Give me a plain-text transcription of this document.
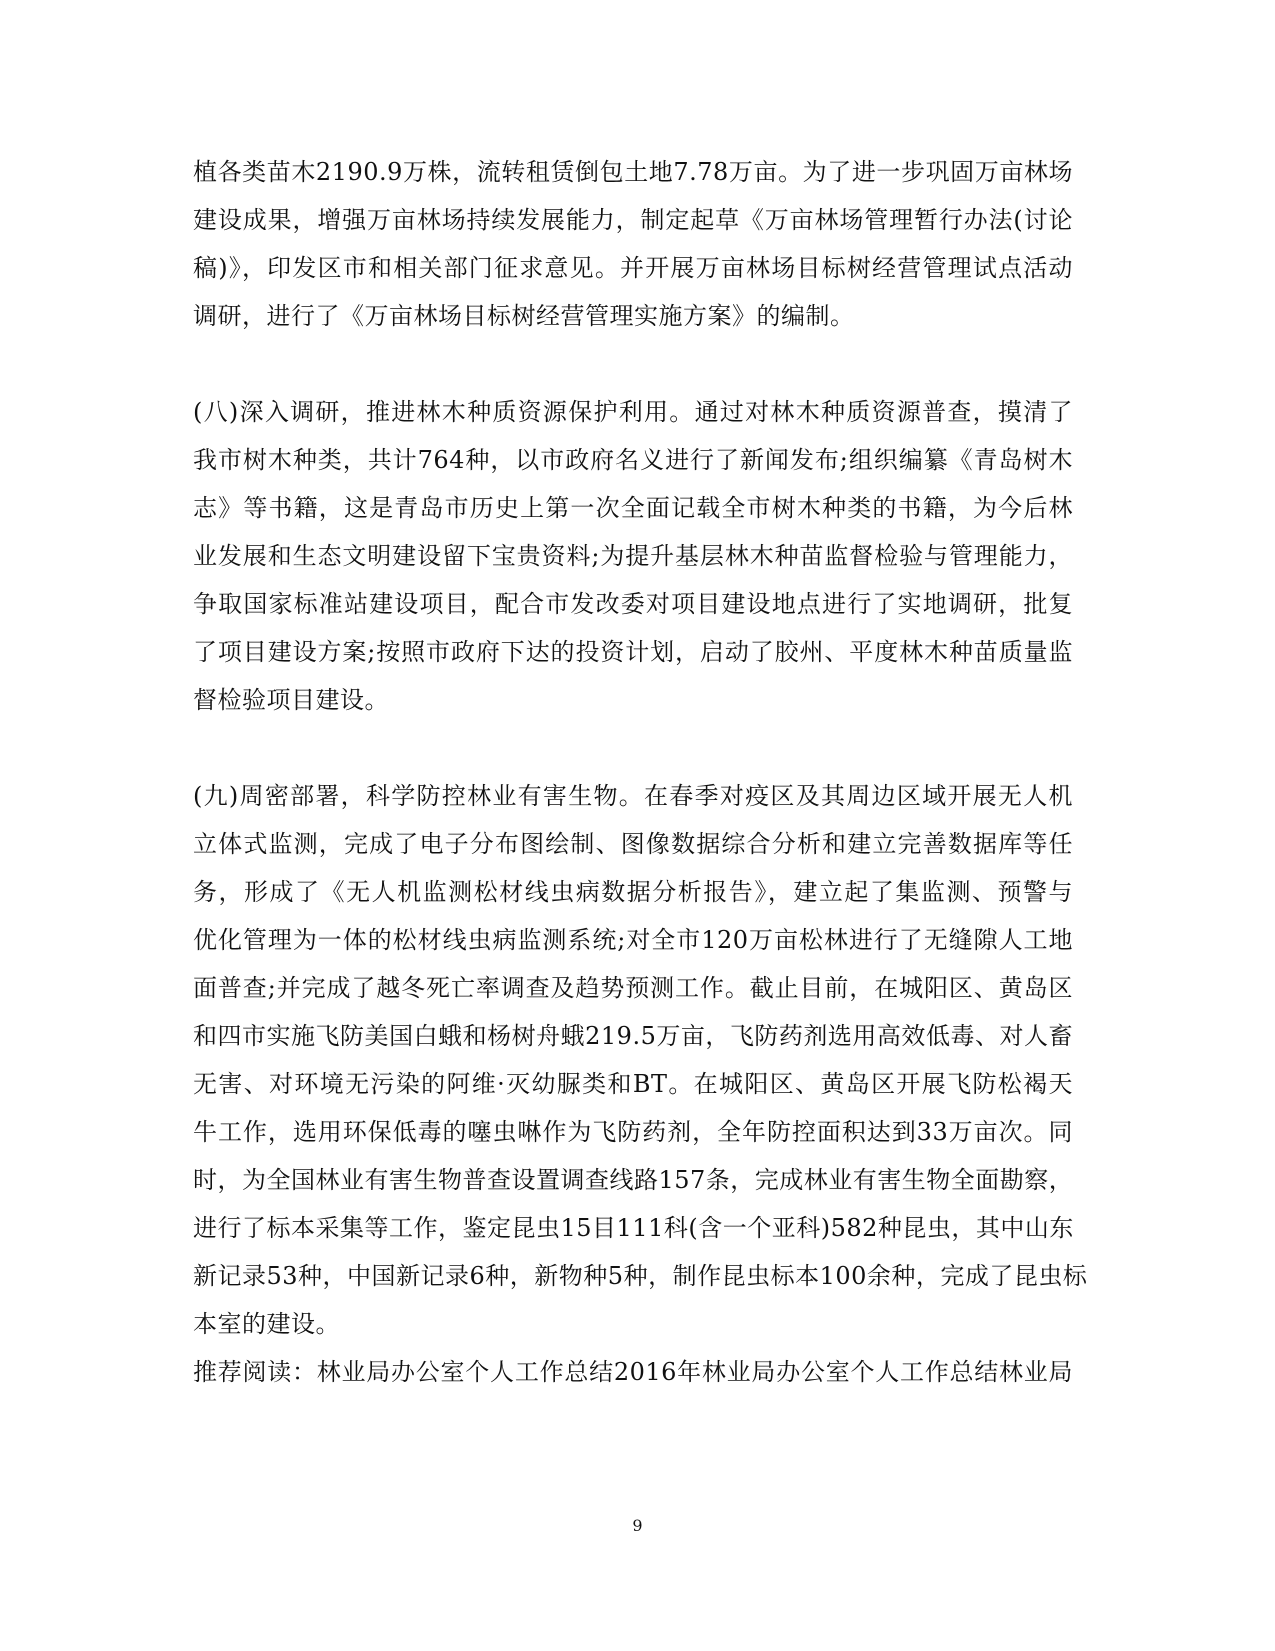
植各类苗木2190.9万株，流转租赁倒包土地7.78万亩。为了进一步巩固万亩林场
建设成果，增强万亩林场持续发展能力，制定起草《万亩林场管理暂行办法(讨论
稿)》，印发区市和相关部门征求意见。并开展万亩林场目标树经营管理试点活动
调研，进行了《万亩林场目标树经营管理实施方案》的编制。
(八)深入调研，推进林木种质资源保护利用。通过对林木种质资源普查，摸清了
我市树木种类，共计764种，以市政府名义进行了新闻发布;组织编纂《青岛树木
志》等书籍，这是青岛市历史上第一次全面记载全市树木种类的书籍，为今后林
业发展和生态文明建设留下宝贵资料;为提升基层林木种苗监督检验与管理能力，
争取国家标准站建设项目，配合市发改委对项目建设地点进行了实地调研，批复
了项目建设方案;按照市政府下达的投资计划，启动了胶州、平度林木种苗质量监
督检验项目建设。
(九)周密部署，科学防控林业有害生物。在春季对疫区及其周边区域开展无人机
立体式监测，完成了电子分布图绘制、图像数据综合分析和建立完善数据库等任
务，形成了《无人机监测松材线虫病数据分析报告》，建立起了集监测、预警与
优化管理为一体的松材线虫病监测系统;对全市120万亩松林进行了无缝隙人工地
面普查;并完成了越冬死亡率调查及趋势预测工作。截止目前，在城阳区、黄岛区
和四市实施飞防美国白蛾和杨树舟蛾219.5万亩，飞防药剂选用高效低毒、对人畜
无害、对环境无污染的阿维·灭幼脲类和BT。在城阳区、黄岛区开展飞防松褐天
牛工作，选用环保低毒的噻虫啉作为飞防药剂，全年防控面积达到33万亩次。同
时，为全国林业有害生物普查设置调查线路157条，完成林业有害生物全面勘察，
进行了标本采集等工作，鉴定昆虫15目111科(含一个亚科)582种昆虫，其中山东
新记录53种，中国新记录6种，新物种5种，制作昆虫标本100余种，完成了昆虫标
本室的建设。
推荐阅读：林业局办公室个人工作总结2016年林业局办公室个人工作总结林业局
9
